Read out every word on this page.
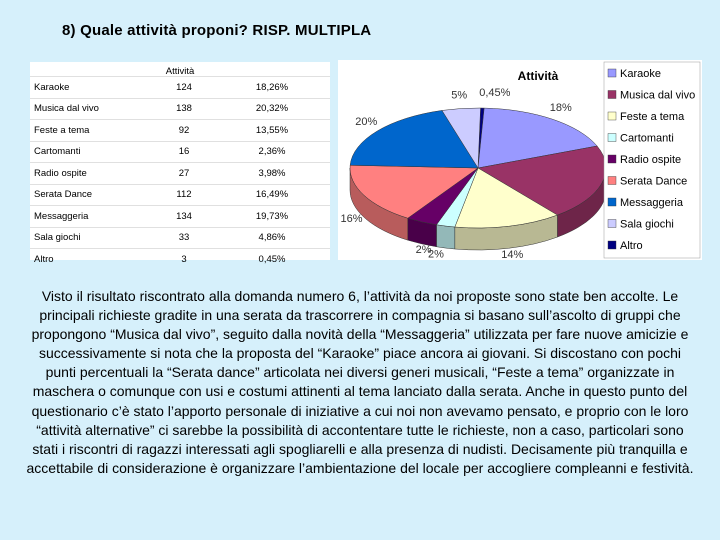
8) Quale attività proponi? RISP. MULTIPLA
Attività
Karaoke	124	18,26%
Musica dal vivo	138	20,32%
Feste a tema	92	13,55%
Cartomanti	16	2,36%
Radio ospite	27	3,98%
Serata Dance	112	16,49%
Messaggeria	134	19,73%
Sala giochi	33	4,86%
Altro	3	0,45%
18%
14%
2%
2%
16%
20%
5% 0,45%
Attività	Karaoke
Musica dal vivo
Feste a tema
Cartomanti
Radio ospite
Serata Dance
Messaggeria
Sala giochi
Altro
Visto il risultato riscontrato alla domanda numero 6, l’attività da noi proposte sono state ben accolte. Le principali richieste gradite in una serata da trascorrere in compagnia si basano sull’ascolto di gruppi che propongono “Musica dal vivo”, seguito dalla novità della “Messaggeria” utilizzata per fare nuove amicizie e successivamente si nota che la proposta del “Karaoke” piace ancora ai giovani. Si discostano con pochi punti percentuali la “Serata dance” articolata nei diversi generi musicali, “Feste a tema” organizzate in maschera o comunque con usi e costumi attinenti al tema lanciato dalla serata. Anche in questo punto del questionario c’è stato l’apporto personale di iniziative a cui noi non avevamo pensato, e proprio con le loro “attività alternative” ci sarebbe la possibilità di accontentare tutte le richieste, non a caso, particolari sono stati i riscontri di ragazzi interessati agli spogliarelli e alla presenza di nudisti. Decisamente più tranquilla e accettabile di considerazione è organizzare l’ambientazione del locale per accogliere compleanni e festività.
